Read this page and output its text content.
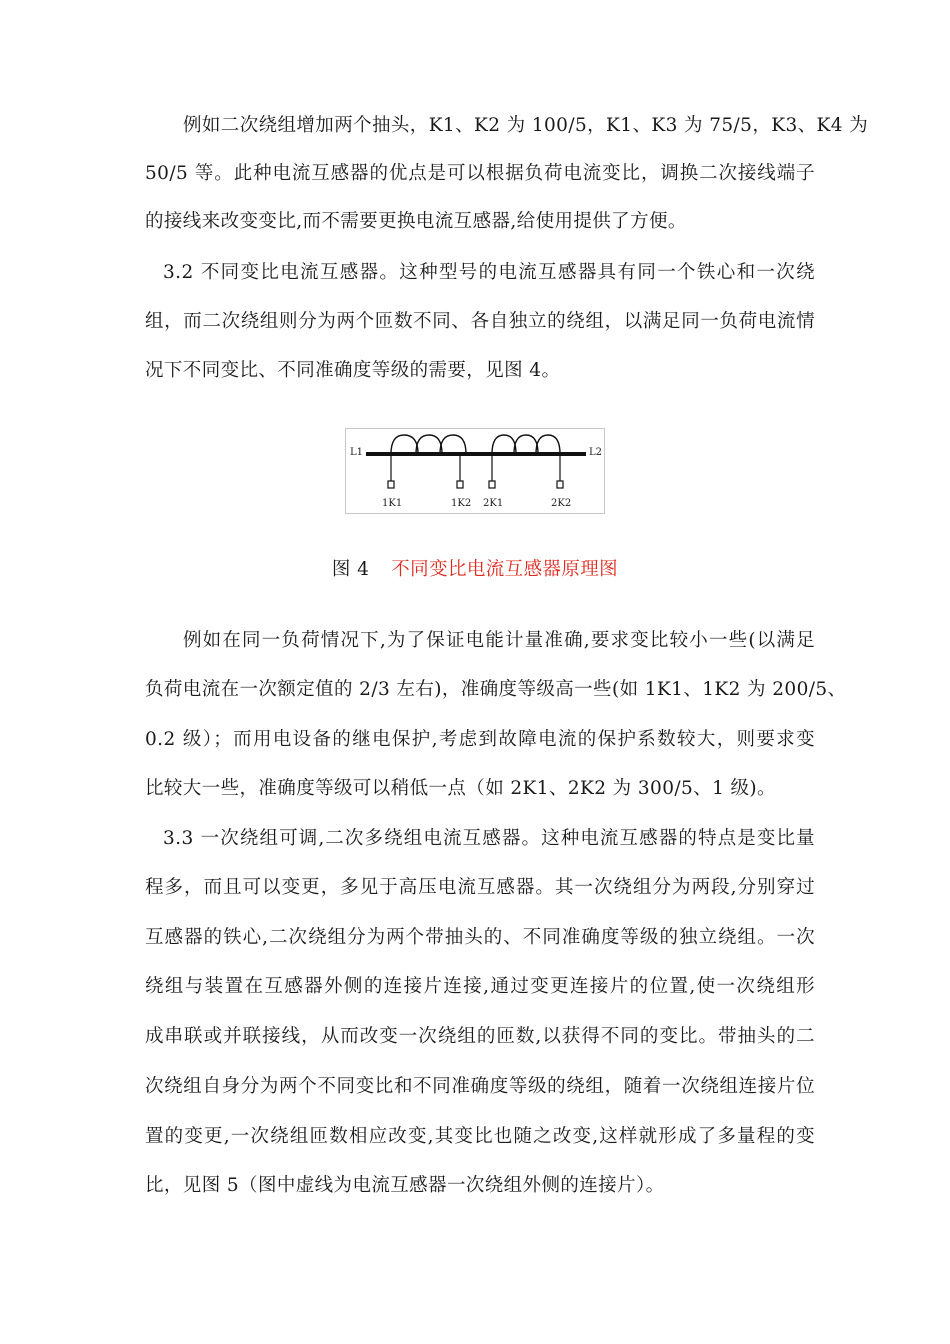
例如二次绕组增加两个抽头，K1、K2 为 100/5，K1、K3 为 75/5，K3、K4 为
50/5 等。此种电流互感器的优点是可以根据负荷电流变比，调换二次接线端子
的接线来改变变比,而不需要更换电流互感器,给使用提供了方便。
3.2 不同变比电流互感器。这种型号的电流互感器具有同一个铁心和一次绕
组，而二次绕组则分为两个匝数不同、各自独立的绕组，以满足同一负荷电流情
况下不同变比、不同准确度等级的需要，见图 4。
L1	L2
1K1	1K2 2K1	2K2
图 4 不同变比电流互感器原理图
例如在同一负荷情况下,为了保证电能计量准确,要求变比较小一些(以满足
负荷电流在一次额定值的 2/3 左右)，准确度等级高一些(如 1K1、1K2 为 200/5、
0.2 级）；而用电设备的继电保护,考虑到故障电流的保护系数较大，则要求变
比较大一些，准确度等级可以稍低一点（如 2K1、2K2 为 300/5、1 级)。
3.3 一次绕组可调,二次多绕组电流互感器。这种电流互感器的特点是变比量
程多，而且可以变更，多见于高压电流互感器。其一次绕组分为两段,分别穿过
互感器的铁心,二次绕组分为两个带抽头的、不同准确度等级的独立绕组。一次
绕组与装置在互感器外侧的连接片连接,通过变更连接片的位置,使一次绕组形
成串联或并联接线，从而改变一次绕组的匝数,以获得不同的变比。带抽头的二
次绕组自身分为两个不同变比和不同准确度等级的绕组，随着一次绕组连接片位
置的变更,一次绕组匝数相应改变,其变比也随之改变,这样就形成了多量程的变
比，见图 5（图中虚线为电流互感器一次绕组外侧的连接片）。
